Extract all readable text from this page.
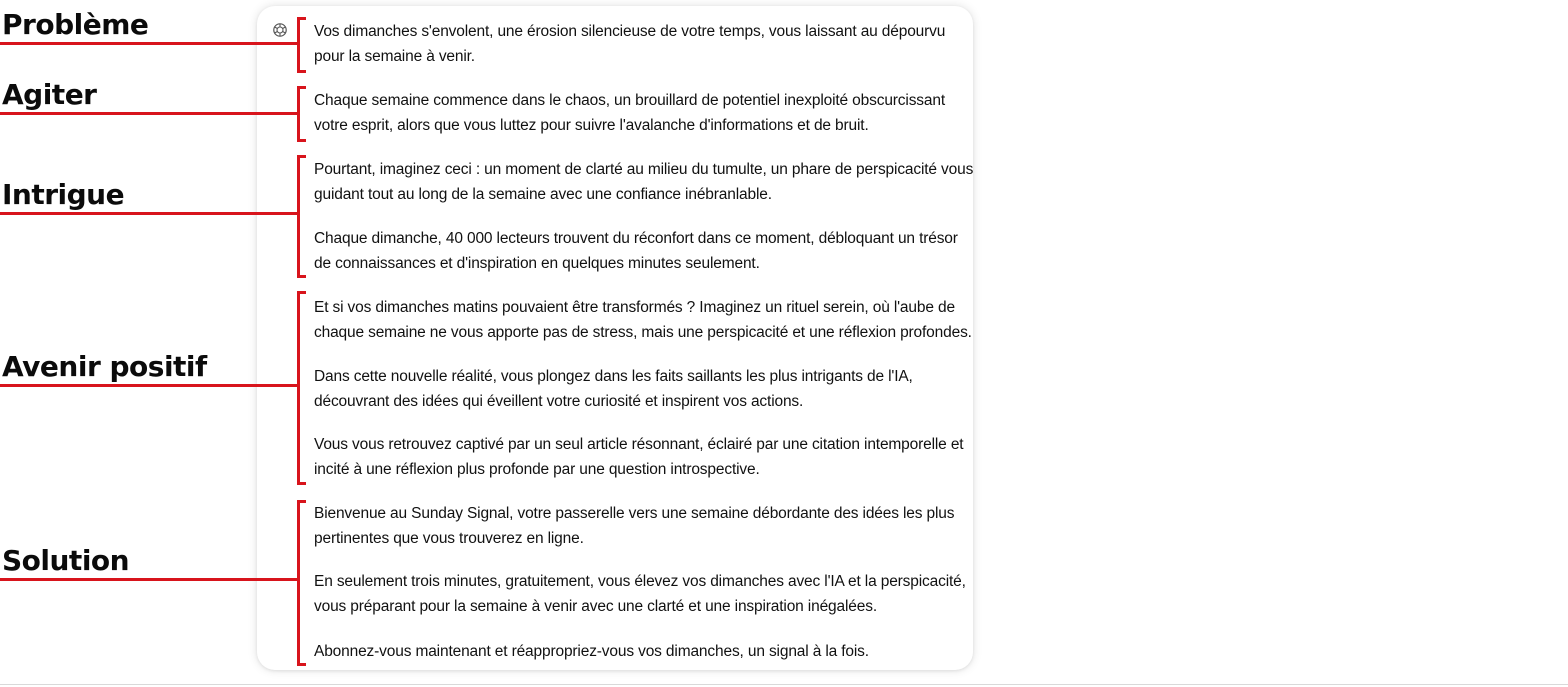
Problème
Agiter
Intrigue
Avenir positif
Solution

Vos dimanches s'envolent, une érosion silencieuse de votre temps, vous laissant au dépourvu

pour la semaine à venir.

Chaque semaine commence dans le chaos, un brouillard de potentiel inexploité obscurcissant

votre esprit, alors que vous luttez pour suivre l'avalanche d'informations et de bruit.

Pourtant, imaginez ceci : un moment de clarté au milieu du tumulte, un phare de perspicacité vous

guidant tout au long de la semaine avec une confiance inébranlable.

Chaque dimanche, 40 000 lecteurs trouvent du réconfort dans ce moment, débloquant un trésor

de connaissances et d'inspiration en quelques minutes seulement.

Et si vos dimanches matins pouvaient être transformés ? Imaginez un rituel serein, où l'aube de

chaque semaine ne vous apporte pas de stress, mais une perspicacité et une réflexion profondes.

Dans cette nouvelle réalité, vous plongez dans les faits saillants les plus intrigants de l'IA,

découvrant des idées qui éveillent votre curiosité et inspirent vos actions.

Vous vous retrouvez captivé par un seul article résonnant, éclairé par une citation intemporelle et

incité à une réflexion plus profonde par une question introspective.

Bienvenue au Sunday Signal, votre passerelle vers une semaine débordante des idées les plus

pertinentes que vous trouverez en ligne.

En seulement trois minutes, gratuitement, vous élevez vos dimanches avec l'IA et la perspicacité,

vous préparant pour la semaine à venir avec une clarté et une inspiration inégalées.

Abonnez-vous maintenant et réappropriez-vous vos dimanches, un signal à la fois.
